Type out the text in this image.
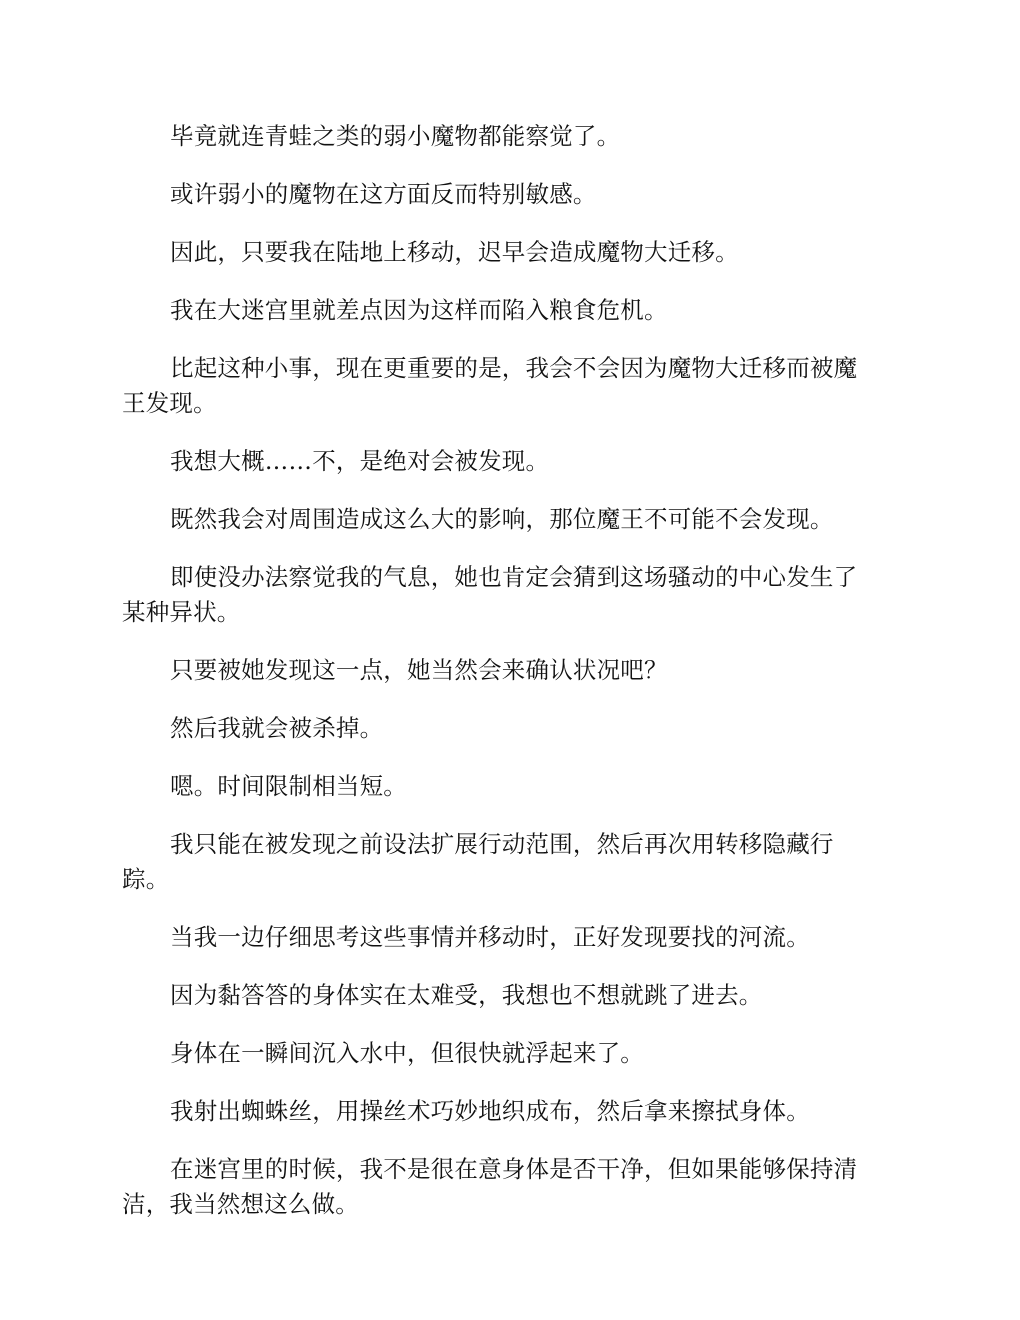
毕竟就连青蛙之类的弱小魔物都能察觉了。

或许弱小的魔物在这方面反而特别敏感。

因此，只要我在陆地上移动，迟早会造成魔物大迁移。

我在大迷宫里就差点因为这样而陷入粮食危机。

比起这种小事，现在更重要的是，我会不会因为魔物大迁移而被魔
王发现。

我想大概……不，是绝对会被发现。

既然我会对周围造成这么大的影响，那位魔王不可能不会发现。

即使没办法察觉我的气息，她也肯定会猜到这场骚动的中心发生了
某种异状。

只要被她发现这一点，她当然会来确认状况吧？

然后我就会被杀掉。

嗯。时间限制相当短。

我只能在被发现之前设法扩展行动范围，然后再次用转移隐藏行
踪。

当我一边仔细思考这些事情并移动时，正好发现要找的河流。

因为黏答答的身体实在太难受，我想也不想就跳了进去。

身体在一瞬间沉入水中，但很快就浮起来了。

我射出蜘蛛丝，用操丝术巧妙地织成布，然后拿来擦拭身体。

在迷宫里的时候，我不是很在意身体是否干净，但如果能够保持清
洁，我当然想这么做。
